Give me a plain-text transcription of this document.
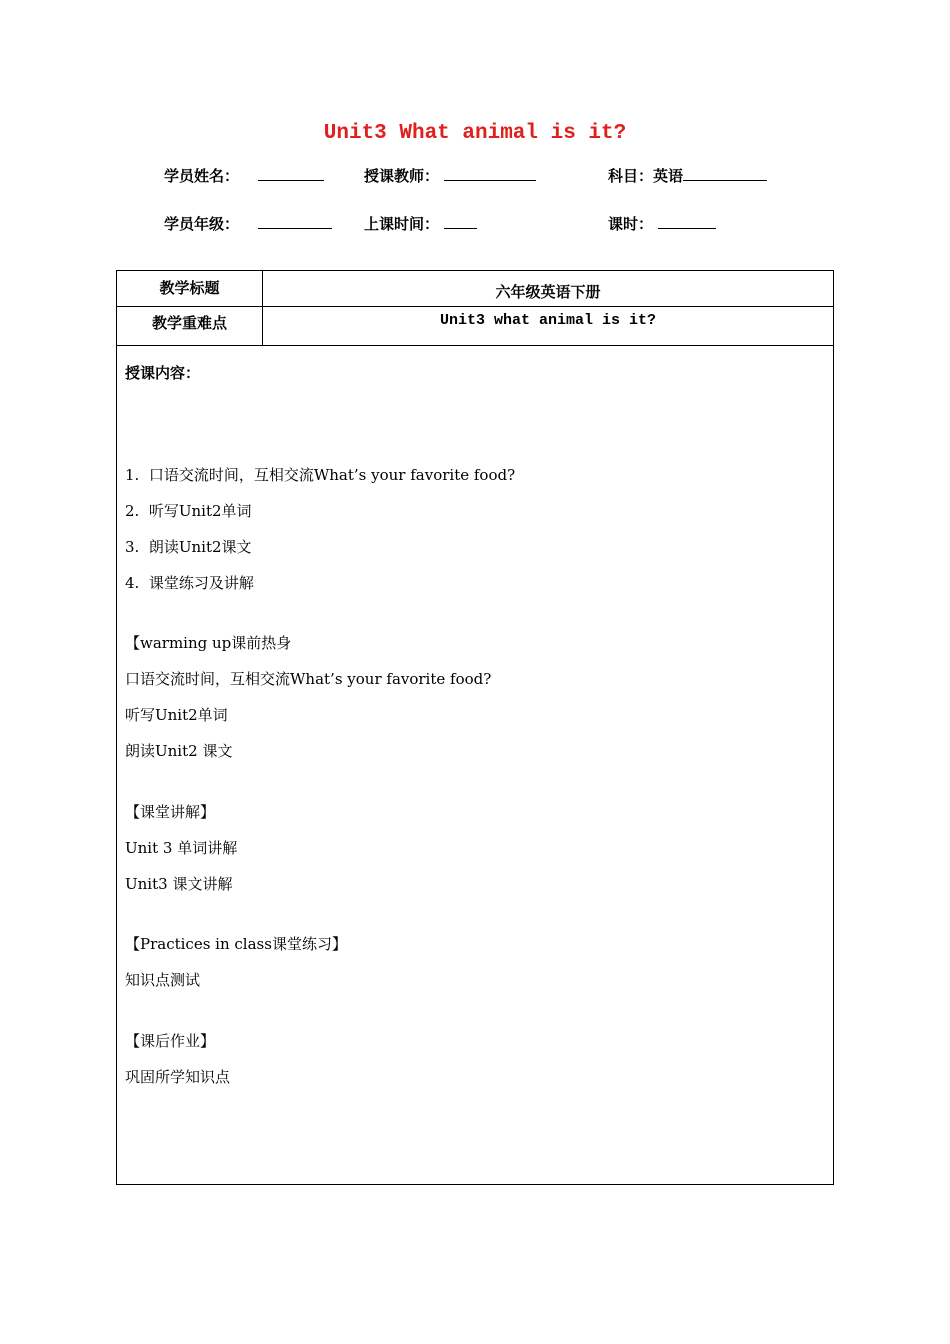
Unit3 What animal is it?
学员姓名：	授课教师：	科目：英语
学员年级：	上课时间：	课时：
教学标题	六年级英语下册
教学重难点	Unit3 what animal is it?
授课内容：
1.  口语交流时间，互相交流What’s your favorite food?
2.  听写Unit2单词
3.  朗读Unit2课文
4.  课堂练习及讲解
【warming up课前热身
口语交流时间，互相交流What’s your favorite food?
听写Unit2单词
朗读Unit2 课文
【课堂讲解】
Unit 3 单词讲解
Unit3 课文讲解
【Practices in class课堂练习】
知识点测试
【课后作业】
巩固所学知识点
